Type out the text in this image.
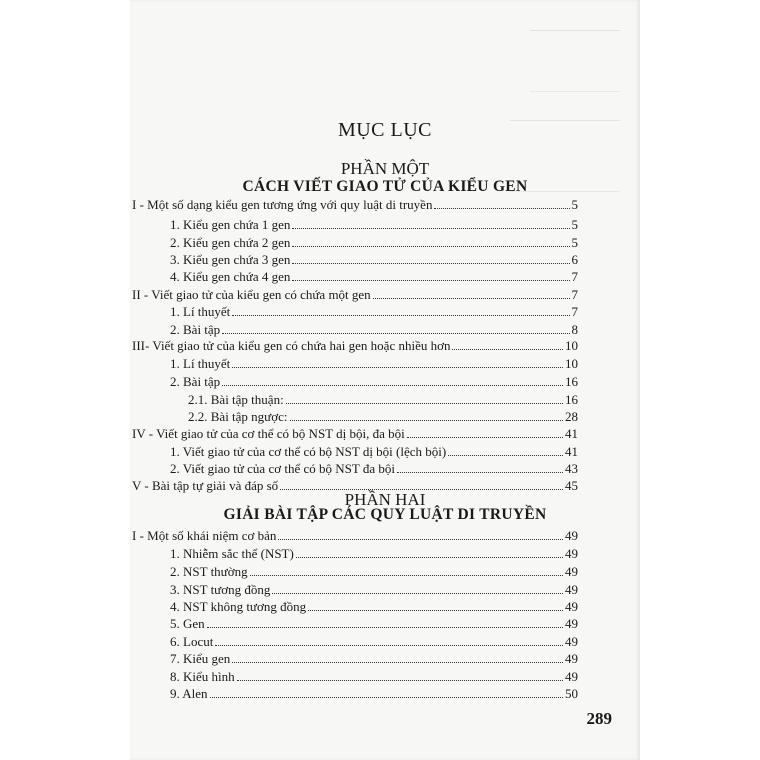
MỤC LỤC
PHẦN MỘT
CÁCH VIẾT GIAO TỬ CỦA KIỂU GEN
I - Một số dạng kiểu gen tương ứng với quy luật di truyền	5
1. Kiểu gen chứa 1 gen	5
2. Kiểu gen chứa 2 gen	5
3. Kiểu gen chứa 3 gen	6
4. Kiểu gen chứa 4 gen	7
II - Viết giao tử của kiểu gen có chứa một gen	7
1. Lí thuyết	7
2. Bài tập	8
III- Viết giao tử của kiểu gen có chứa hai gen hoặc nhiều hơn	10
1. Lí thuyết	10
2. Bài tập	16
2.1. Bài tập thuận:	16
2.2. Bài tập ngược:	28
IV - Viết giao tử của cơ thể có bộ NST dị bội, đa bội	41
1. Viết giao tử của cơ thể có bộ NST dị bội (lệch bội)	41
2. Viết giao tử của cơ thể có bộ NST đa bội	43
V - Bài tập tự giải và đáp số	45
PHẦN HAI
GIẢI BÀI TẬP CÁC QUY LUẬT DI TRUYỀN
I - Một số khái niệm cơ bản	49
1. Nhiễm sắc thể (NST)	49
2. NST thường	49
3. NST tương đồng	49
4. NST không tương đồng	49
5. Gen	49
6. Locut	49
7. Kiểu gen	49
8. Kiểu hình	49
9. Alen	50
289
